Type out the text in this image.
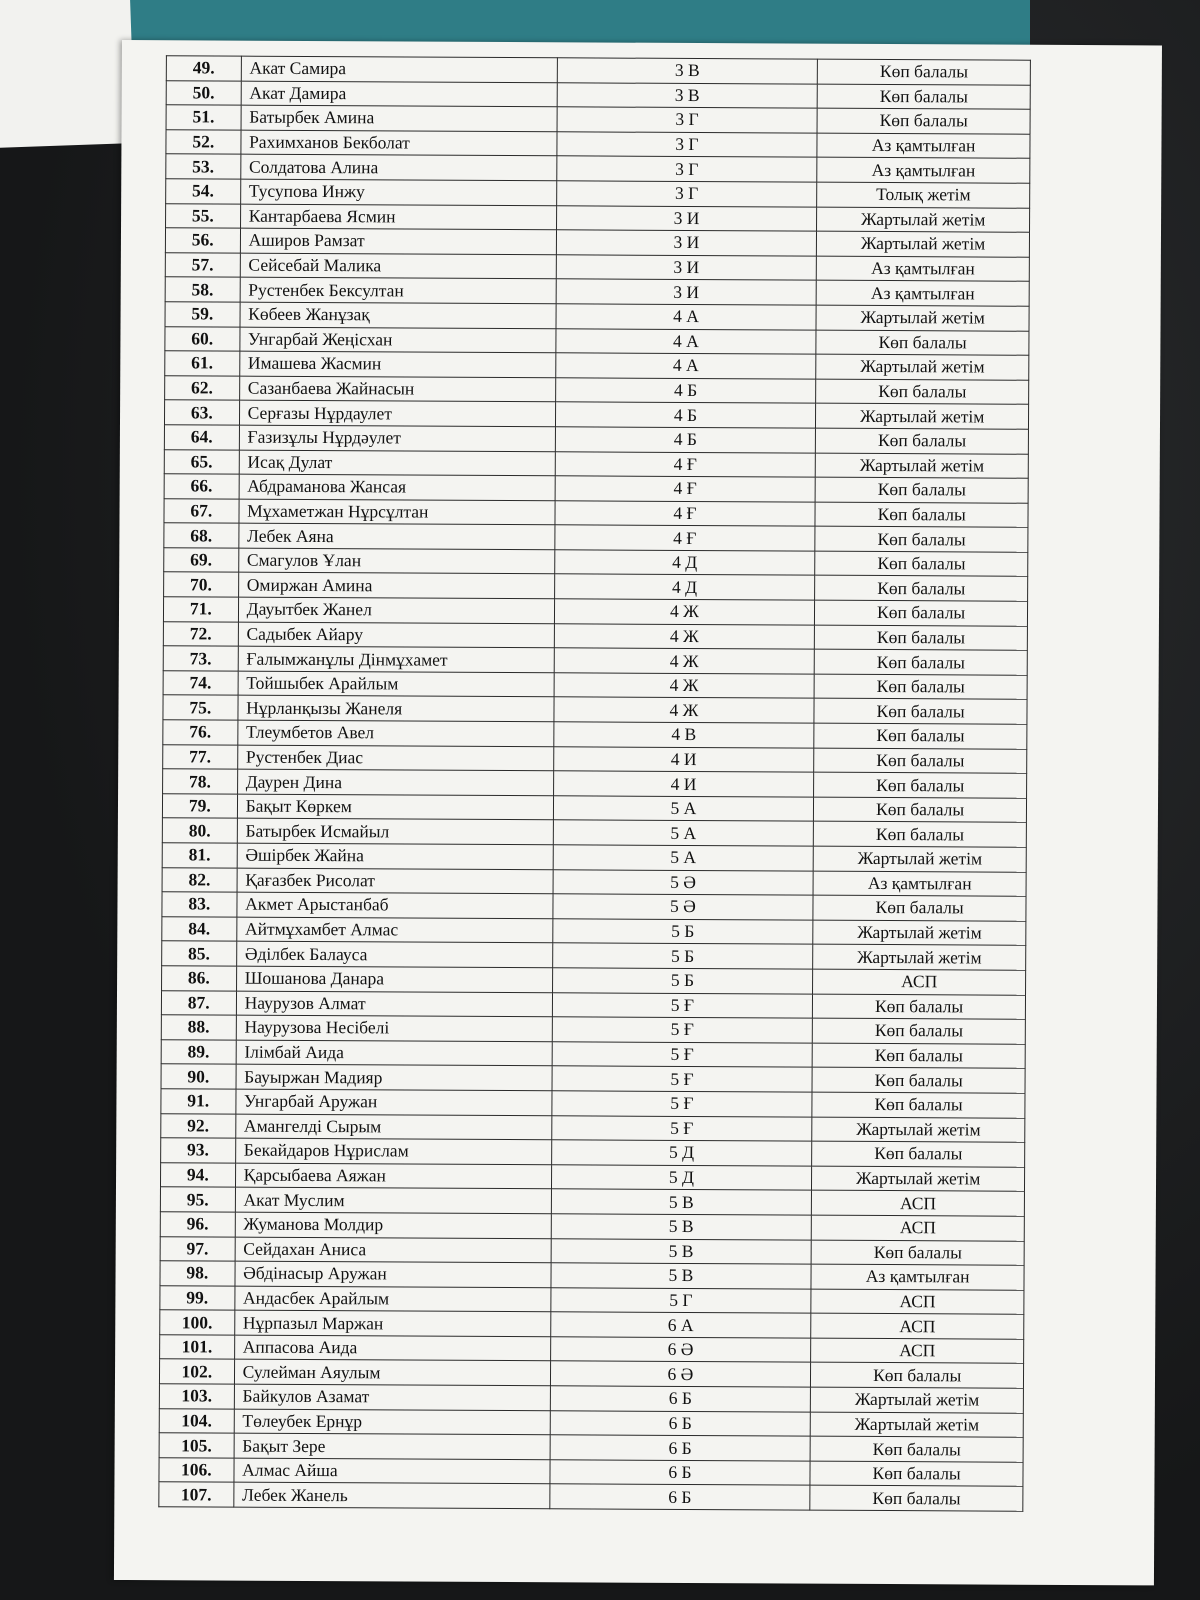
49.	Акат Самира	3 В	Көп балалы
50.	Акат Дамира	3 В	Көп балалы
51.	Батырбек Амина	3 Г	Көп балалы
52.	Рахимханов Бекболат	3 Г	Аз қамтылған
53.	Солдатова Алина	3 Г	Аз қамтылған
54.	Тусупова Инжу	3 Г	Толық жетім
55.	Кантарбаева Ясмин	3 И	Жартылай жетім
56.	Аширов Рамзат	3 И	Жартылай жетім
57.	Сейсебай Малика	3 И	Аз қамтылған
58.	Рустенбек Бексултан	3 И	Аз қамтылған
59.	Көбеев Жанұзақ	4 А	Жартылай жетім
60.	Унгарбай Жеңісхан	4 А	Көп балалы
61.	Имашева Жасмин	4 А	Жартылай жетім
62.	Сазанбаева Жайнасын	4 Б	Көп балалы
63.	Серғазы Нұрдаулет	4 Б	Жартылай жетім
64.	Ғазизұлы Нұрдәулет	4 Б	Көп балалы
65.	Исақ Дулат	4 Ғ	Жартылай жетім
66.	Абдраманова Жансая	4 Ғ	Көп балалы
67.	Мұхаметжан Нұрсұлтан	4 Ғ	Көп балалы
68.	Лебек Аяна	4 Ғ	Көп балалы
69.	Смагулов Ұлан	4 Д	Көп балалы
70.	Омиржан Амина	4 Д	Көп балалы
71.	Дауытбек Жанел	4 Ж	Көп балалы
72.	Садыбек Айару	4 Ж	Көп балалы
73.	Ғалымжанұлы Дінмұхамет	4 Ж	Көп балалы
74.	Тойшыбек Арайлым	4 Ж	Көп балалы
75.	Нұрланқызы Жанеля	4 Ж	Көп балалы
76.	Тлеумбетов Авел	4 В	Көп балалы
77.	Рустенбек Диас	4 И	Көп балалы
78.	Даурен Дина	4 И	Көп балалы
79.	Бақыт Көркем	5 А	Көп балалы
80.	Батырбек Исмайыл	5 А	Көп балалы
81.	Әшірбек Жайна	5 А	Жартылай жетім
82.	Қағазбек Рисолат	5 Ә	Аз қамтылған
83.	Акмет Арыстанбаб	5 Ә	Көп балалы
84.	Айтмұхамбет Алмас	5 Б	Жартылай жетім
85.	Әділбек Балауса	5 Б	Жартылай жетім
86.	Шошанова Данара	5 Б	АСП
87.	Наурузов Алмат	5 Ғ	Көп балалы
88.	Наурузова Несібелі	5 Ғ	Көп балалы
89.	Ілімбай Аида	5 Ғ	Көп балалы
90.	Бауыржан Мадияр	5 Ғ	Көп балалы
91.	Унгарбай Аружан	5 Ғ	Көп балалы
92.	Амангелді Сырым	5 Ғ	Жартылай жетім
93.	Бекайдаров Нұрислам	5 Д	Көп балалы
94.	Қарсыбаева Аяжан	5 Д	Жартылай жетім
95.	Акат Муслим	5 В	АСП
96.	Жуманова Молдир	5 В	АСП
97.	Сейдахан Аниса	5 В	Көп балалы
98.	Әбдінасыр Аружан	5 В	Аз қамтылған
99.	Андасбек Арайлым	5 Г	АСП
100.	Нұрпазыл Маржан	6 А	АСП
101.	Аппасова Аида	6 Ә	АСП
102.	Сулейман Аяулым	6 Ә	Көп балалы
103.	Байкулов Азамат	6 Б	Жартылай жетім
104.	Төлеубек Ернұр	6 Б	Жартылай жетім
105.	Бақыт Зере	6 Б	Көп балалы
106.	Алмас Айша	6 Б	Көп балалы
107.	Лебек Жанель	6 Б	Көп балалы
